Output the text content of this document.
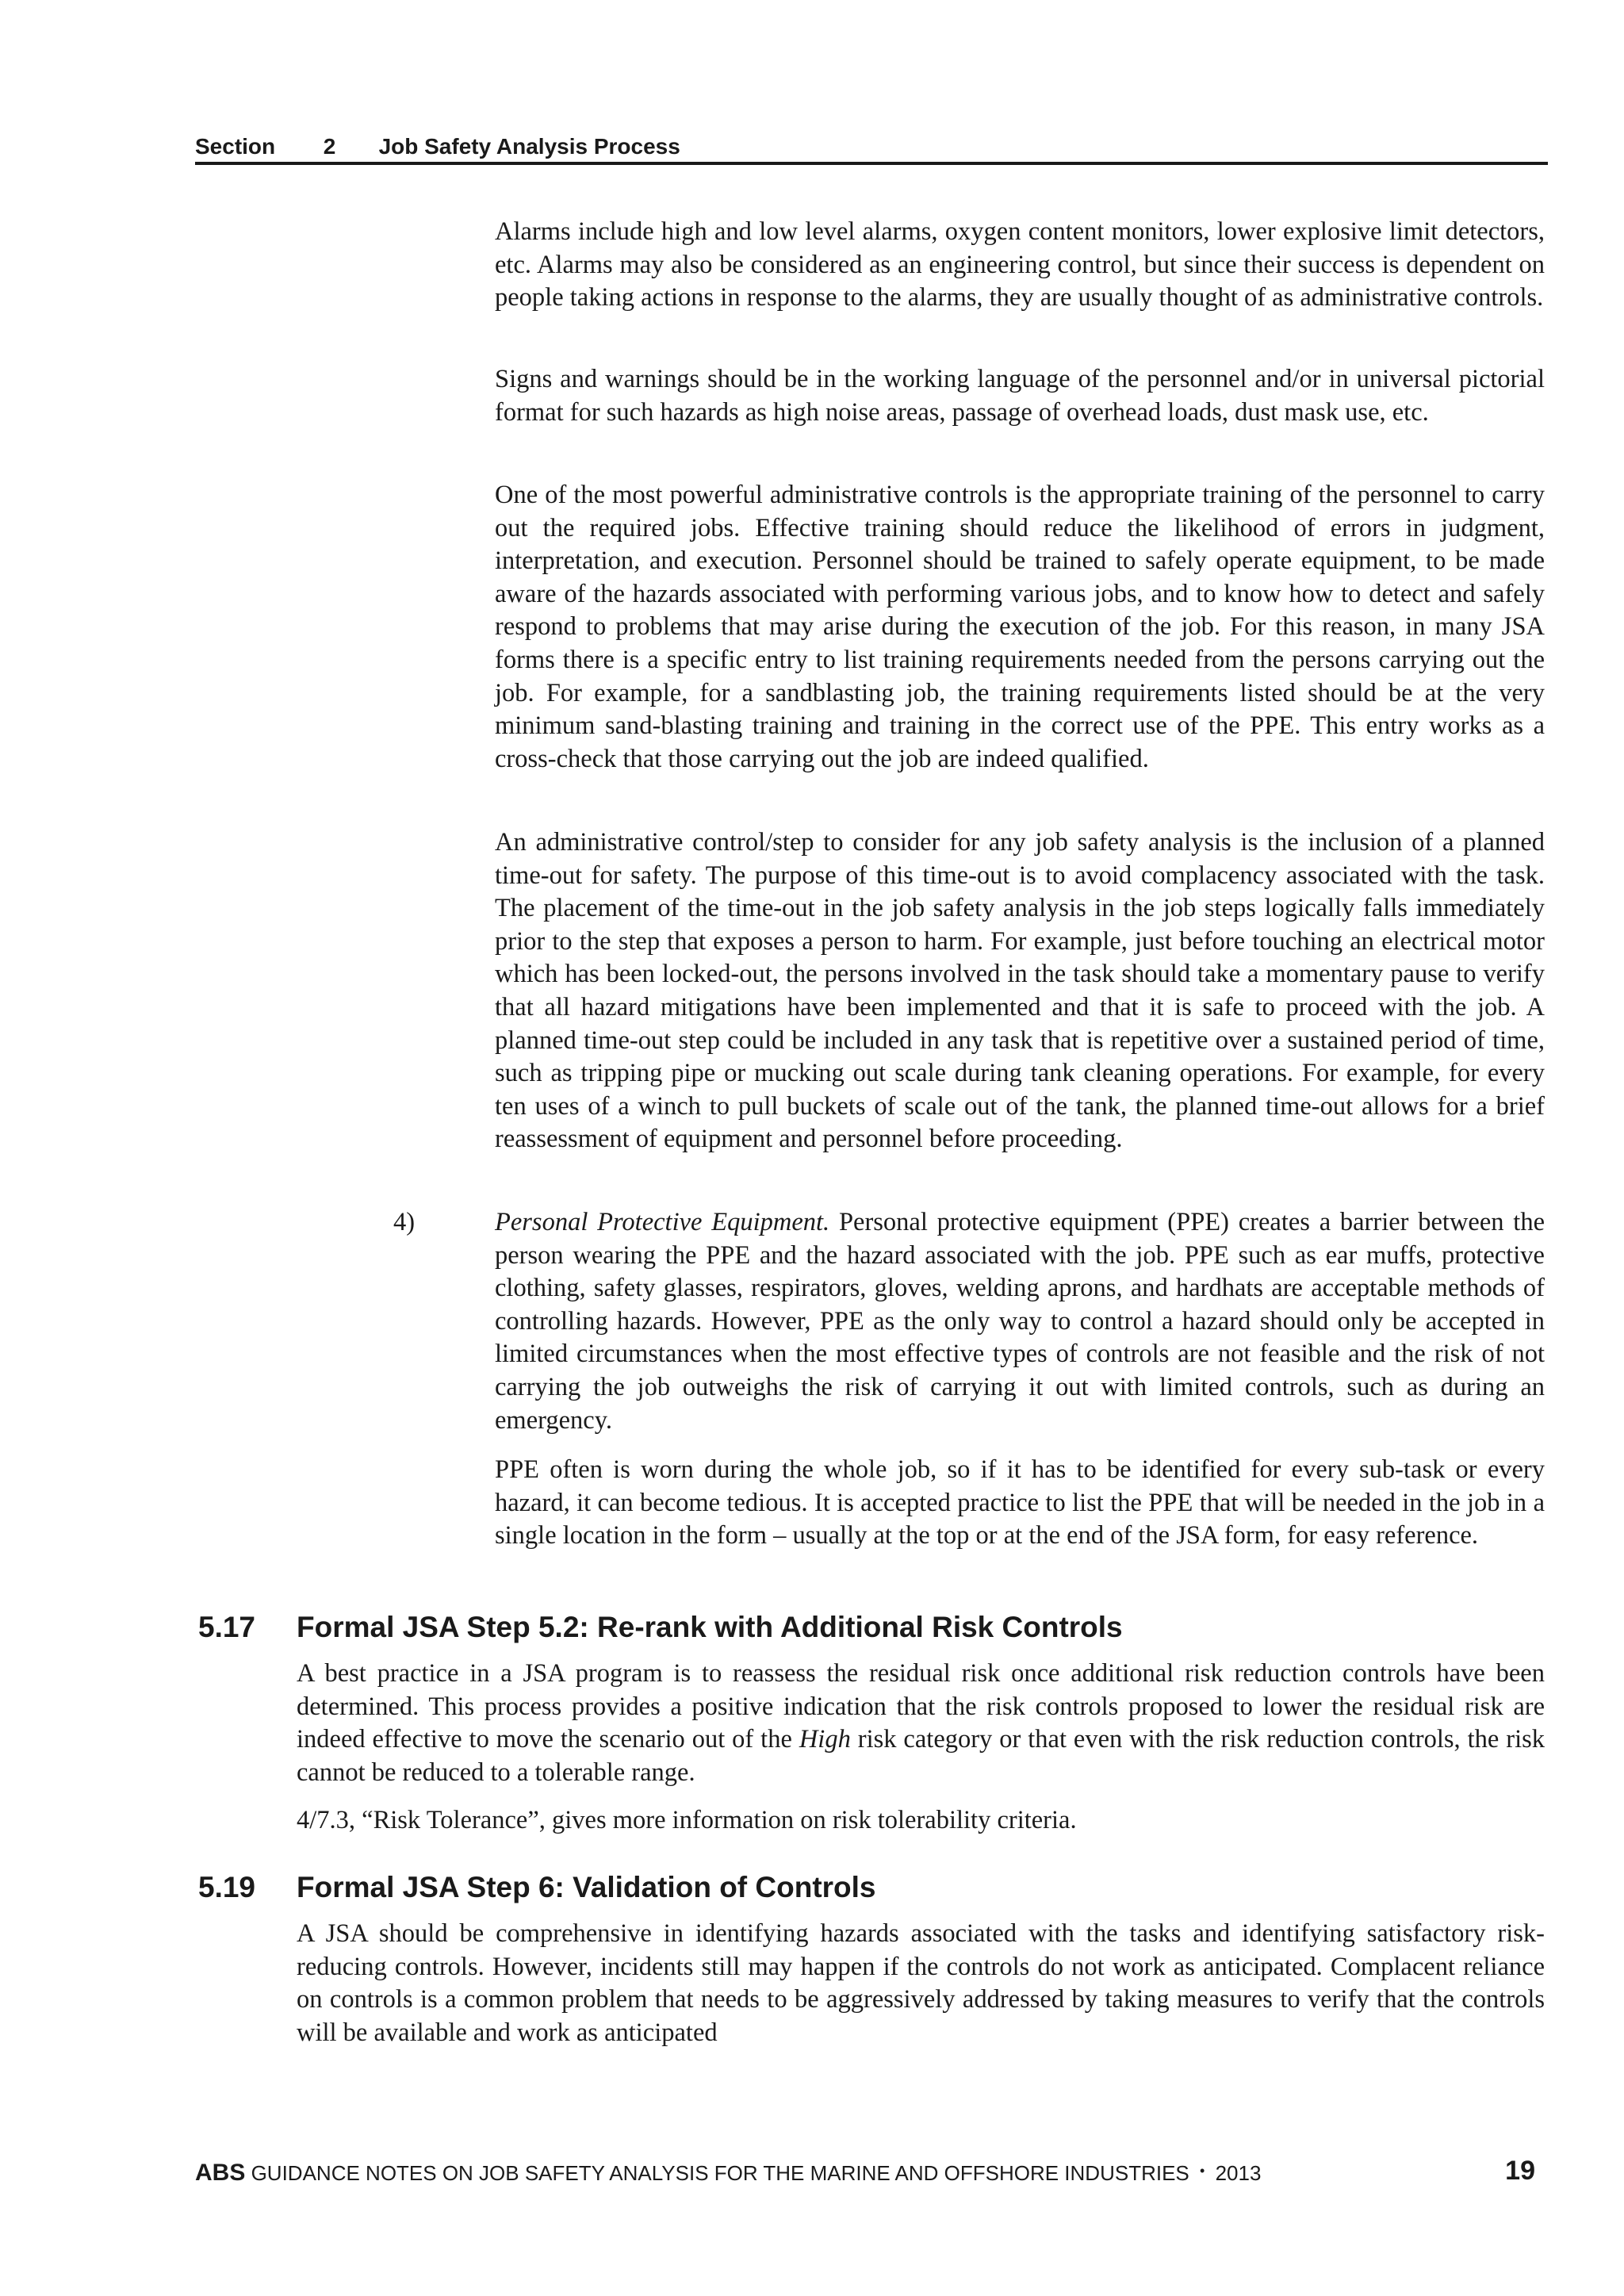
Section 2 Job Safety Analysis Process

Alarms include high and low level alarms, oxygen content monitors, lower explosive limit detectors, etc. Alarms may also be considered as an engineering control, but since their success is dependent on people taking actions in response to the alarms, they are usually thought of as administrative controls.

Signs and warnings should be in the working language of the personnel and/or in universal pictorial format for such hazards as high noise areas, passage of overhead loads, dust mask use, etc.

One of the most powerful administrative controls is the appropriate training of the personnel to carry out the required jobs. Effective training should reduce the likelihood of errors in judgment, interpretation, and execution. Personnel should be trained to safely operate equipment, to be made aware of the hazards associated with performing various jobs, and to know how to detect and safely respond to problems that may arise during the execution of the job. For this reason, in many JSA forms there is a specific entry to list training requirements needed from the persons carrying out the job. For example, for a sandblasting job, the training requirements listed should be at the very minimum sand-blasting training and training in the correct use of the PPE. This entry works as a cross-check that those carrying out the job are indeed qualified.

An administrative control/step to consider for any job safety analysis is the inclusion of a planned time-out for safety. The purpose of this time-out is to avoid complacency associated with the task. The placement of the time-out in the job safety analysis in the job steps logically falls immediately prior to the step that exposes a person to harm. For example, just before touching an electrical motor which has been locked-out, the persons involved in the task should take a momentary pause to verify that all hazard mitigations have been implemented and that it is safe to proceed with the job. A planned time-out step could be included in any task that is repetitive over a sustained period of time, such as tripping pipe or mucking out scale during tank cleaning operations. For example, for every ten uses of a winch to pull buckets of scale out of the tank, the planned time-out allows for a brief reassessment of equipment and personnel before proceeding.

4)	Personal Protective Equipment. Personal protective equipment (PPE) creates a barrier between the person wearing the PPE and the hazard associated with the job. PPE such as ear muffs, protective clothing, safety glasses, respirators, gloves, welding aprons, and hardhats are acceptable methods of controlling hazards. However, PPE as the only way to control a hazard should only be accepted in limited circumstances when the most effective types of controls are not feasible and the risk of not carrying the job outweighs the risk of carrying it out with limited controls, such as during an emergency.

PPE often is worn during the whole job, so if it has to be identified for every sub-task or every hazard, it can become tedious. It is accepted practice to list the PPE that will be needed in the job in a single location in the form – usually at the top or at the end of the JSA form, for easy reference.

5.17 Formal JSA Step 5.2: Re-rank with Additional Risk Controls

A best practice in a JSA program is to reassess the residual risk once additional risk reduction controls have been determined. This process provides a positive indication that the risk controls proposed to lower the residual risk are indeed effective to move the scenario out of the High risk category or that even with the risk reduction controls, the risk cannot be reduced to a tolerable range.

4/7.3, “Risk Tolerance”, gives more information on risk tolerability criteria.

5.19 Formal JSA Step 6: Validation of Controls

A JSA should be comprehensive in identifying hazards associated with the tasks and identifying satisfactory risk-reducing controls. However, incidents still may happen if the controls do not work as anticipated. Complacent reliance on controls is a common problem that needs to be aggressively addressed by taking measures to verify that the controls will be available and work as anticipated

ABS GUIDANCE NOTES ON JOB SAFETY ANALYSIS FOR THE MARINE AND OFFSHORE INDUSTRIES • 2013	19
